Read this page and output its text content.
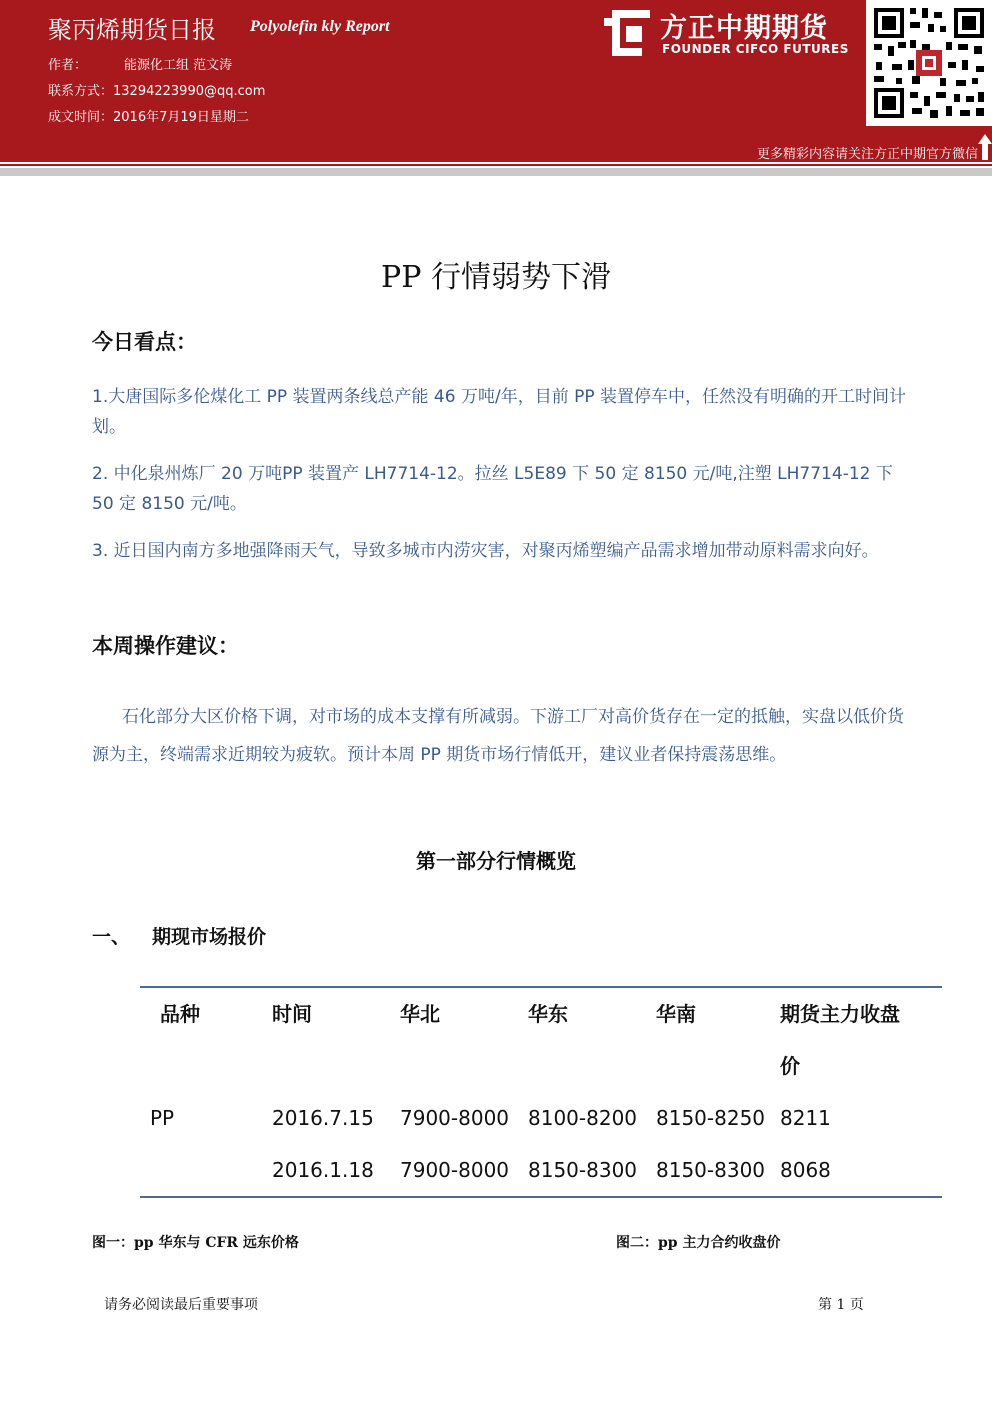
聚丙烯期货日报 Polyolefin kly Report
作者：	能源化工组 范文涛
联系方式：13294223990@qq.com
成文时间：2016年7月19日星期二
方正中期期货
FOUNDER CIFCO FUTURES
更多精彩内容请关注方正中期官方微信
PP 行情弱势下滑
今日看点：
1.大唐国际多伦煤化工 PP 装置两条线总产能 46 万吨/年，目前 PP 装置停车中，任然没有明确的开工时间计划。
2. 中化泉州炼厂 20 万吨PP 装置产 LH7714-12。拉丝 L5E89 下 50 定 8150 元/吨,注塑 LH7714-12 下 50 定 8150 元/吨。
3. 近日国内南方多地强降雨天气，导致多城市内涝灾害，对聚丙烯塑编产品需求增加带动原料需求向好。
本周操作建议：
石化部分大区价格下调，对市场的成本支撑有所减弱。下游工厂对高价货存在一定的抵触，实盘以低价货源为主，终端需求近期较为疲软。预计本周 PP 期货市场行情低开，建议业者保持震荡思维。
第一部分行情概览
一、 期现市场报价
品种	时间	华北	华东	华南	期货主力收盘
价
PP	2016.7.15 7900-8000 8100-8200 8150-8250 8211
2016.1.18 7900-8000 8150-8300 8150-8300 8068
图一：pp 华东与 CFR 远东价格	图二：pp 主力合约收盘价
请务必阅读最后重要事项	第 1 页
